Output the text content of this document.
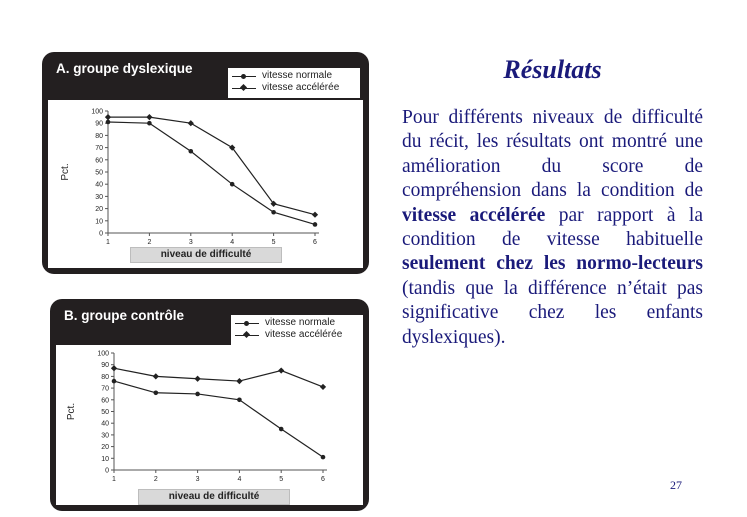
A. groupe dyslexique
0
10
20
30
40
50
60
70
80
90
100
1	2	3	4	5	6
Pct.
niveau de difficulté
vitesse normale
vitesse accélérée
B. groupe contrôle
0
10
20
30
40
50
60
70
80
90
100
1	2	3	4	5	6
Pct.
niveau de difficulté
vitesse normale
vitesse accélérée
Résultats
Pour différents niveaux de difficulté du récit, les résultats ont montré une amélioration du score de compréhension dans la condition de vitesse accélérée par rapport à la condition de vitesse habituelle seulement chez les normo-lecteurs (tandis que la différence n’était pas significative chez les enfants dyslexiques).
27
